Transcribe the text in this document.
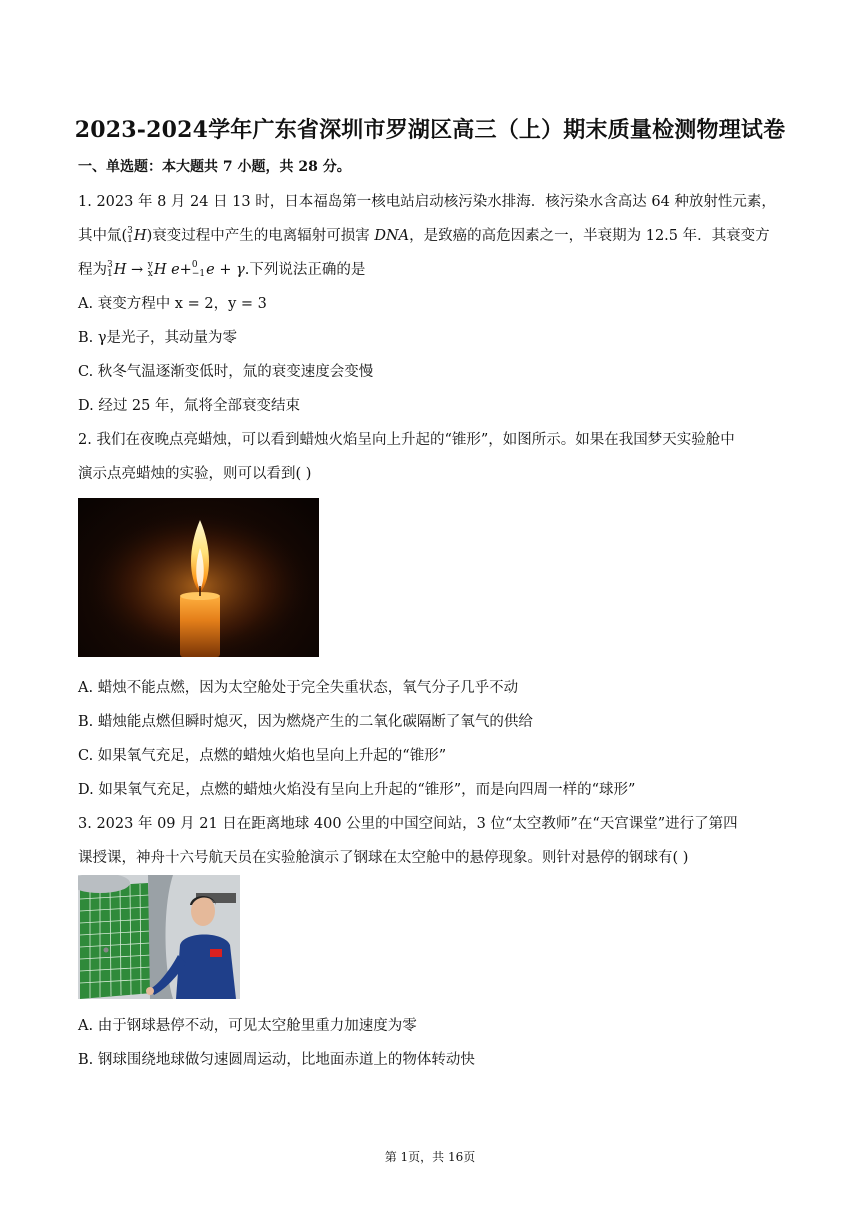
2023-2024学年广东省深圳市罗湖区高三（上）期末质量检测物理试卷
一、单选题：本大题共 7 小题，共 28 分。
1. 2023 年 8 月 24 日 13 时，日本福岛第一核电站启动核污染水排海．核污染水含高达 64 种放射性元素，
其中氚( 3
1 H)衰变过程中产生的电离辐射可损害 DNA，是致癌的高危因素之一，半衰期为 12.5 年．其衰变方
程为 3
1 H → y
x H e+ 0
−1 e + γ.下列说法正确的是
A. 衰变方程中 x = 2，y = 3
B. γ是光子，其动量为零
C. 秋冬气温逐渐变低时，氚的衰变速度会变慢
D. 经过 25 年，氚将全部衰变结束
2. 我们在夜晚点亮蜡烛，可以看到蜡烛火焰呈向上升起的“锥形”，如图所示。如果在我国梦天实验舱中
演示点亮蜡烛的实验，则可以看到( )
A. 蜡烛不能点燃，因为太空舱处于完全失重状态，氧气分子几乎不动
B. 蜡烛能点燃但瞬时熄灭，因为燃烧产生的二氧化碳隔断了氧气的供给
C. 如果氧气充足，点燃的蜡烛火焰也呈向上升起的“锥形”
D. 如果氧气充足，点燃的蜡烛火焰没有呈向上升起的“锥形”，而是向四周一样的“球形”
3. 2023 年 09 月 21 日在距离地球 400 公里的中国空间站，3 位“太空教师”在“天宫课堂”进行了第四
课授课，神舟十六号航天员在实验舱演示了钢球在太空舱中的悬停现象。则针对悬停的钢球有( )
A. 由于钢球悬停不动，可见太空舱里重力加速度为零
B. 钢球围绕地球做匀速圆周运动，比地面赤道上的物体转动快
第 1页，共 16页
